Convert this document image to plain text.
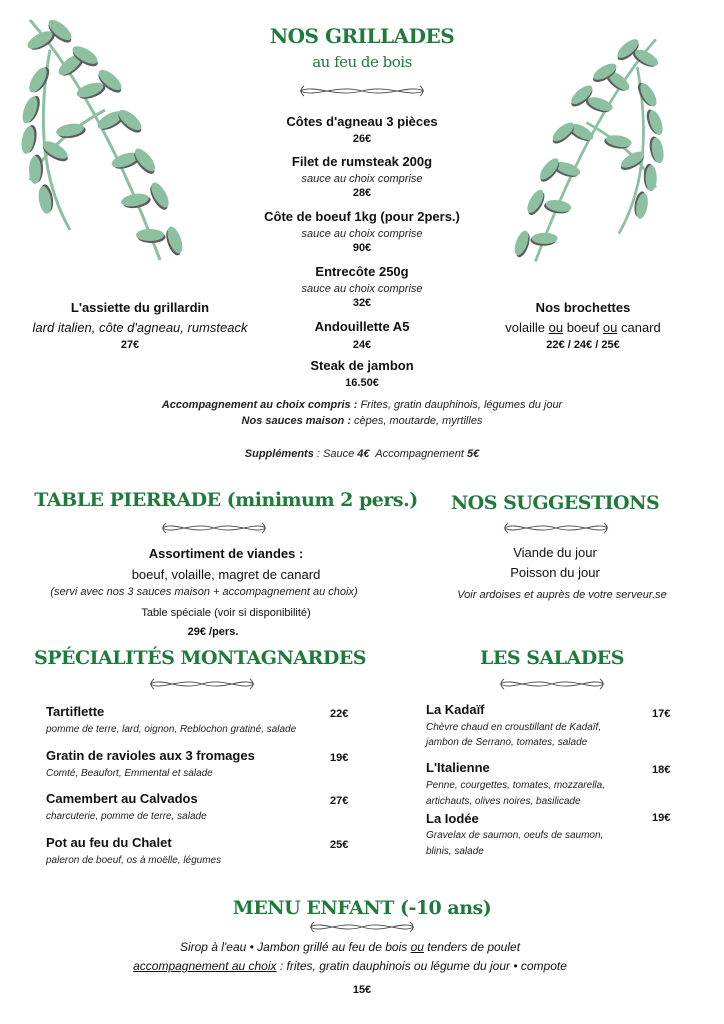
NOS GRILLADES
au feu de bois
Côtes d'agneau 3 pièces
26€
Filet de rumsteak 200g
sauce au choix comprise
28€
Côte de boeuf 1kg (pour 2pers.)
sauce au choix comprise
90€
Entrecôte 250g
sauce au choix comprise
32€
Andouillette A5
24€
Steak de jambon
16.50€
L'assiette du grillardin
lard italien, côte d'agneau, rumsteack
27€
Nos brochettes
volaille ou boeuf ou canard
22€ / 24€ / 25€
Accompagnement au choix compris : Frites, gratin dauphinois, légumes du jour
Nos sauces maison : cèpes, moutarde, myrtilles
Suppléments : Sauce 4€ Accompagnement 5€
TABLE PIERRADE (minimum 2 pers.)
Assortiment de viandes :
boeuf, volaille, magret de canard
(servi avec nos 3 sauces maison + accompagnement au choix)
Table spéciale (voir si disponibilité)
29€ /pers.
NOS SUGGESTIONS
Viande du jour
Poisson du jour
Voir ardoises et auprès de votre serveur.se
SPÉCIALITÉS MONTAGNARDES
Tartiflette	22€
pomme de terre, lard, oignon, Reblochon gratiné, salade
Gratin de ravioles aux 3 fromages	19€
Comté, Beaufort, Emmental et salade
Camembert au Calvados	27€
charcuterie, pomme de terre, salade
Pot au feu du Chalet	25€
paleron de boeuf, os à moëlle, légumes
LES SALADES
La Kadaïf	17€
Chèvre chaud en croustillant de Kadaïf,
jambon de Serrano, tomates, salade
L'Italienne	18€
Penne, courgettes, tomates, mozzarella,
artichauts, olives noires, basilicade
La Iodée	19€
Gravelax de saumon, oeufs de saumon,
blinis, salade
MENU ENFANT (-10 ans)
Sirop à l'eau • Jambon grillé au feu de bois ou tenders de poulet
accompagnement au choix : frites, gratin dauphinois ou légume du jour • compote
15€
